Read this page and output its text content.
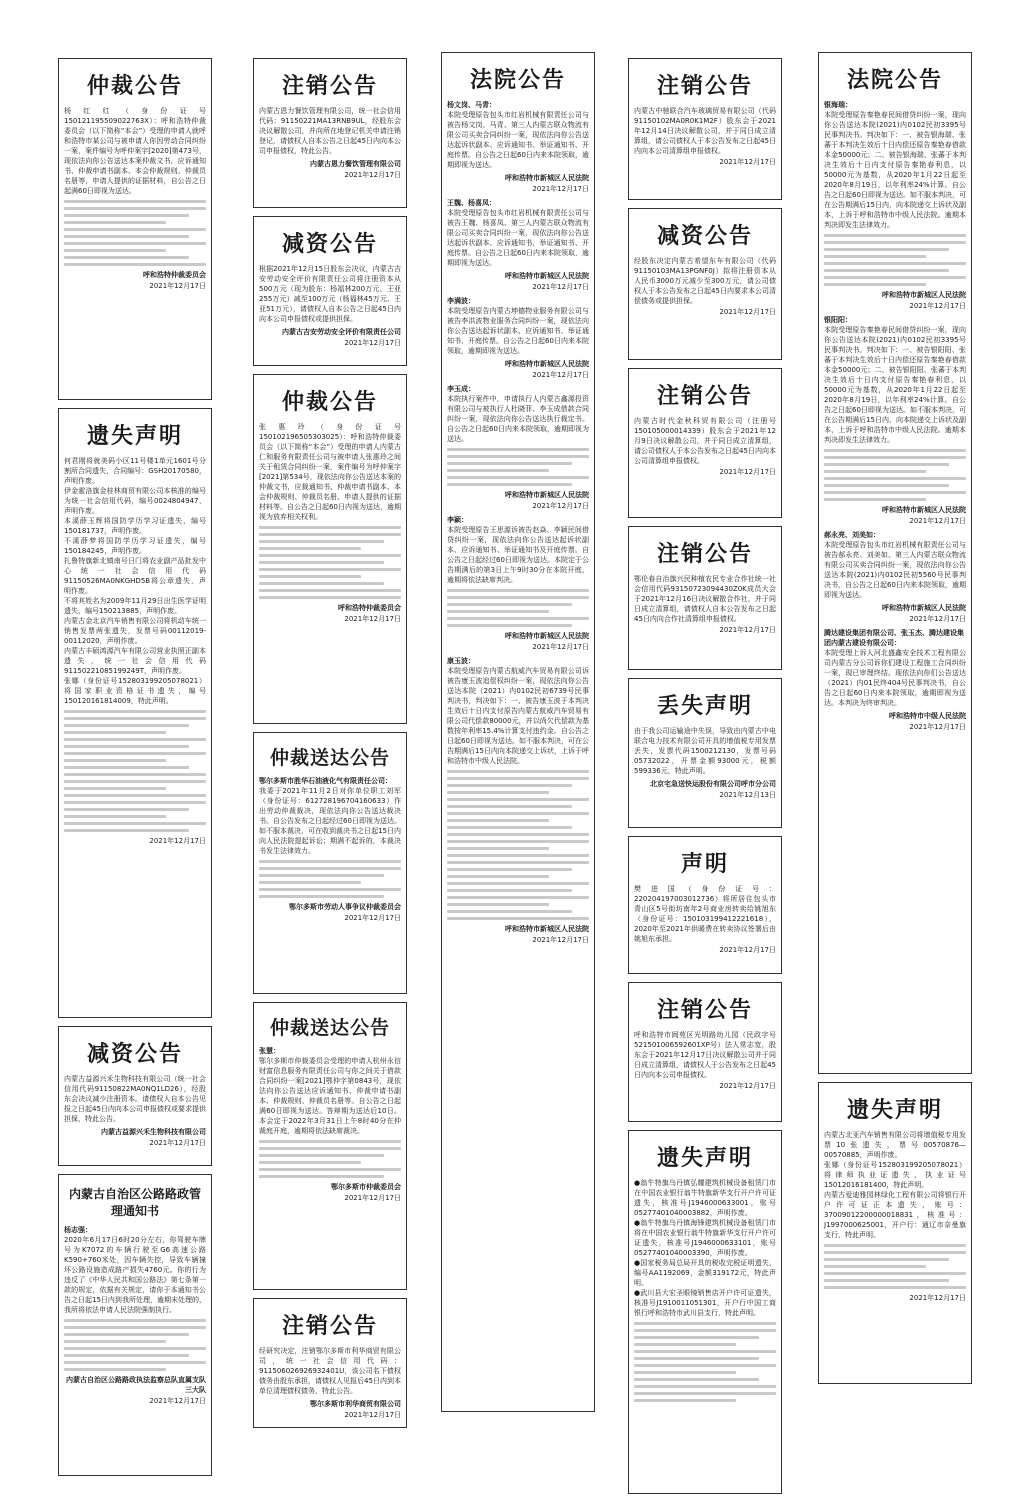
仲裁公告
杨红红（身份证号150121195509022763X）：呼和浩特仲裁委员会（以下简称“本会”）受理的申请人就呼和浩特市某公司与被申请人你因劳动合同纠纷一案，案件编号为呼仲案字[2020]第473号，现依法向你公告送达本案仲裁文书，应诉通知书、仲裁申请书副本、本会仲裁规则、仲裁员名册等，申请人提供的证据材料，自公告之日起满60日即视为送达。
呼和浩特仲裁委员会
2021年12月17日
遗失声明
何君刚将就美码小区11号楼1单元1601号分割所合同遗失，合同编号：GSH20170580，声明作废。
伊金霍洛旗金桂林商贸有限公司本核准的编号为统一社会信用代码，编号0024804947，声明作废。
本溪薛玉辉将国防学历学习证遗失，编号150181737，声明作废。
不溪薛梦将国防学历学习证遗失，编号150184245，声明作废。
扎鲁特旗新北镇南号日门将农业副产品批发中心统一社会信用代码91150526MA0NKGHD5B将公章遗失，声明作废。
不将其姓名为2009年11月29日出生医学证明遗失，编号150213885，声明作废。
内蒙古金北京汽车销售有限公司将机动车统一销售发票两张遗失，发票号码00112019-00112020，声明作废。
内蒙古丰硕鸿源汽车有限公司营业执照正副本遗失，统一社会信用代码91150221085199249T，声明作废。
张娜（身份证号152803199205078021）将国家职业资格证书遗失，编号150120161814009，特此声明。
2021年12月17日
减资公告
内蒙古益源兴禾生物科技有限公司（统一社会信用代码91150822MA0NQ1LD26），经股东会决议减少注册资本。请债权人自本公告见报之日起45日内向本公司申报债权或要求提供担保，特此公告。
内蒙古益源兴禾生物科技有限公司
2021年12月17日
内蒙古自治区公路路政管理通知书
杨志强：
2020年6月17日6时20分左右，你驾驶车牌号为K7072的车辆行驶至G6高速公路K590+760米处，因车辆失控，导致车辆撞坏公路设施造成路产损失4760元。你的行为违反了《中华人民共和国公路法》第七条第一款的规定，依据有关规定，请你于本通知书公告之日起15日内到我所处理，逾期未处理的，我所将依法申请人民法院强制执行。
内蒙古自治区公路路政执法监察总队直属支队三大队
2021年12月17日
注销公告
内蒙古恩力餐饮管理有限公司，统一社会信用代码：91150221MA13RNB9UL，经股东会决议解散公司，并向所在地登记机关申请注销登记，请债权人自本公告之日起45日内向本公司申报债权，特此公告。
内蒙古恩力餐饮管理有限公司
2021年12月17日
减资公告
根据2021年12月15日股东会决议，内蒙古吉安劳动安全评价有限责任公司将注册资本从500万元（现为股东：杨福林200万元、王亚255万元）减至100万元（杨福林45万元、王亚51万元），请债权人自本公告之日起45日内向本公司申报债权或提供担保。
内蒙古吉安劳动安全评价有限责任公司
2021年12月17日
仲裁公告
张惠玲（身份证号150102196505303025）：呼和浩特仲裁委员会（以下简称“本会”）受理的申请人内蒙古仁和服务有限责任公司与被申请人张惠玲之间关于租赁合同纠纷一案，案件编号为呼仲案字[2021]第534号，现依法向你公告送达本案的仲裁文书，应裁通知书、仲裁申请书副本、本会仲裁规则、仲裁员名册、申请人提供的证据材料等。自公告之日起60日内视为送达，逾期视为放弃相关权利。
呼和浩特仲裁委员会
2021年12月17日
仲裁送达公告
鄂尔多斯市胜华石油液化气有限责任公司：
我委于2021年11月2日对你单位职工刘军（身份证号：612728196704160633）作出劳动仲裁裁决，现依法向你公告送达裁决书。自公告发布之日起经过60日即视为送达。如不服本裁决，可在收到裁决书之日起15日内向人民法院提起诉讼；期满不起诉的，本裁决书发生法律效力。
鄂尔多斯市劳动人事争议仲裁委员会
2021年12月17日
仲裁送达公告
张慧：
鄂尔多斯市仲裁委员会受理的申请人杭州永信财富信息服务有限责任公司与你之间关于借款合同纠纷一案[2021]鄂仲字第0843号，现依法向你公告送达应诉通知书、仲裁申请书副本、仲裁规则、仲裁员名册等。自公告之日起满60日即视为送达。答辩期为送达后10日。本会定于2022年3月31日上午8时40分在仲裁庭开庭，逾期将依法缺席裁决。
鄂尔多斯市仲裁委员会
2021年12月17日
注销公告
经研究决定，注销鄂尔多斯市利华商贸有限公司，统一社会信用代码：911506026926932401U，该公司名下债权债务由股东承担，请债权人见报后45日内到本单位清理债权债务，特此公告。
鄂尔多斯市利华商贸有限公司
2021年12月17日
法院公告
杨文岗、马青：
本院受理原告包头市红岩机械有限责任公司与被告杨文岗、马青、第三人内蒙古联众物流有限公司买卖合同纠纷一案，现依法向你公告送达起诉状副本、应诉通知书、举证通知书、开庭传票。自公告之日起60日内来本院领取，逾期即视为送达。
呼和浩特市新城区人民法院
2021年12月17日
王魏、杨喜凤：
本院受理原告包头市红岩机械有限责任公司与被告王魏、杨喜凤、第三人内蒙古联众物流有限公司买卖合同纠纷一案，现依法向你公告送达起诉状副本、应诉通知书、举证通知书、开庭传票。自公告之日起60日内来本院领取，逾期即视为送达。
呼和浩特市新城区人民法院
2021年12月17日
李满波：
本院受理原告内蒙古坤德物业服务有限公司与被告李洪波物业服务合同纠纷一案，现依法向你公告送达起诉状副本、应诉通知书、举证通知书、开庭传票。自公告之日起60日内来本院领取，逾期即视为送达。
呼和浩特市新城区人民法院
2021年12月17日
李玉成：
本院执行案件中，申请执行人内蒙古鑫源投资有限公司与被执行人杜晓菲、李玉成借款合同纠纷一案，现依法向你公告送达执行裁定书。自公告之日起60日内来本院领取，逾期即视为送达。
呼和浩特市新城区人民法院
2021年12月17日
李颖：
本院受理原告王思源诉被告赵焱、李颖民间借贷纠纷一案，现依法向你公告送达起诉状副本、应诉通知书、举证通知书及开庭传票。自公告之日起经过60日即视为送达。本院定于公告期满后的第3日上午9时30分在本院开庭，逾期将依法缺席判决。
呼和浩特市新城区人民法院
2021年12月17日
康玉波：
本院受理原告内蒙古航威汽车贸易有限公司诉被告康玉波追偿权纠纷一案，现依法向你公告送达本院（2021）内0102民初6739号民事判决书，判决如下：一、被告康玉波于本判决生效后十日内支付原告内蒙古航威汽车贸易有限公司代偿款80000元，并以尚欠代偿款为基数按年利率15.4%计算支付违约金。自公告之日起60日即视为送达。如不服本判决，可在公告期满后15日内向本院递交上诉状，上诉于呼和浩特市中级人民法院。
呼和浩特市新城区人民法院
2021年12月17日
注销公告
内蒙古中驰联合汽车玻璃贸易有限公司（代码91150102MA0R0K1M2F）股东会于2021年12月14日决议解散公司，并于同日成立清算组，请公司债权人于本公告发布之日起45日内向本公司清算组申报债权。
2021年12月17日
减资公告
经股东决定内蒙古希望东车有限公司（代码91150103MA13PGNF0J）拟将注册资本从人民币3000万元减少至300万元，请公司债权人于本公告发布之日起45日内要求本公司清偿债务或提供担保。
2021年12月17日
注销公告
内蒙古时代金秋科贸有限公司（注册号150105000014339）股东会于2021年12月9日决议解散公司，并于同日成立清算组，请公司债权人于本公告发布之日起45日内向本公司清算组申报债权。
2021年12月17日
注销公告
鄂伦春自治旗兴民种植农民专业合作社统一社会信用代码93150723094430Z0K成员大会于2021年12月16日决议解散合作社，并于同日成立清算组，请债权人自本公告发布之日起45日内向合作社清算组申报债权。
2021年12月17日
丢失声明
由于我公司运输途中失误，导致由内蒙古中电联合电力技术有限公司开具的增值税专用发票丢失，发票代码1500212130，发票号码05732022，开票金额93000元，税额599336元，特此声明。
北京宅急送快运股份有限公司呼市分公司
2021年12月13日
声明
樊进国（身份证号：220204197003012736）将所居住包头市青山区5号街坊南年2号商业房转卖给姚旭东（身份证号：150103199412221618），2020年至2021年供暖费在转卖协议签署后由姚旭东承担。
2021年12月17日
注销公告
呼和浩特市阆苑区光明路幼儿园（民政字号521501006592601XP号）法人常志宽，股东会于2021年12月17日决议解散公司并于同日成立清算组，请债权人于公告发布之日起45日内向本公司申报债权。
2021年12月17日
遗失声明
●翁牛特旗乌丹镇弘耀建筑机械设备租赁门市在中国农业银行翁牛特旗新华支行开户许可证遗失，核准号J1946000633001，账号05277401040003882，声明作废。
●翁牛特旗乌丹镇海锋建筑机械设备租赁门市将在中国农业银行翁牛特旗新华支行开户许可证遗失，核准号J1946000633101，账号05277401040003390，声明作废。
●国家税务局总局开具的税收完税证明遗失，编号AA1192069，金额319172元，特此声明。
●武川县大宏圣眼镜销售店开户许可证遗失，核准号J1910011051301，开户行中国工商银行呼和浩特市武川县支行，特此声明。
法院公告
银海瑞：
本院受理原告秦艳春民间借贷纠纷一案，现向你公告送达本院(2021)内0102民初3395号民事判决书。判决如下：一、被告银海瑞、张蕃于本判决生效后十日内偿还原告秦艳春借款本金50000元；二、被告银海瑞、张蕃于本判决生效后十日内支付原告秦艳春利息，以50000元为基数，从2020年1月22日起至2020年8月19日，以年利率24%计算。自公告之日起60日即视为送达。如不服本判决，可在公告期满后15日内，向本院递交上诉状及副本，上诉于呼和浩特市中级人民法院。逾期本判决即发生法律效力。
呼和浩特市新城区人民法院
2021年12月17日
银阳阳：
本院受理原告秦艳春民间借贷纠纷一案，现向你公告送达本院(2021)内0102民初3395号民事判决书。判决如下：一、被告银阳阳、张蕃于本判决生效后十日内偿还原告秦艳春借款本金50000元；二、被告银阳阳、张蕃于本判决生效后十日内支付原告秦艳春利息，以50000元为基数，从2020年1月22日起至2020年8月19日，以年利率24%计算。自公告之日起60日即视为送达。如不服本判决，可在公告期满后15日内，向本院递交上诉状及副本，上诉于呼和浩特市中级人民法院。逾期本判决即发生法律效力。
呼和浩特市新城区人民法院
2021年12月17日
郝永亮、刘美如：
本院受理原告包头市红岩机械有限责任公司与被告郝永亮、刘美如、第三人内蒙古联众物流有限公司买卖合同纠纷一案，现依法向你公告送达本院(2021)内0102民初5560号民事判决书，自公告之日起60日内来本院领取，逾期即视为送达。
呼和浩特市新城区人民法院
2021年12月17日
腾达建设集团有限公司、张玉杰、腾达建设集团内蒙古建设有限公司：
本院受理上诉人河北盛鑫安全技术工程有限公司内蒙古分公司诉你们建设工程施工合同纠纷一案，现已审理终结。现依法向你们公告送达（2021）内01民终404号民事判决书，自公告之日起60日内来本院领取，逾期即视为送达。本判决为终审判决。
呼和浩特市中级人民法院
2021年12月17日
遗失声明
内蒙古北亚汽车销售有限公司将增值税专用发票10张遗失，票号00570876—00570885，声明作废。
张娜（身份证号152803199205078021）将律师执业证遗失，执业证号15012016181400，特此声明。
内蒙古爱迪雅园林绿化工程有限公司将银行开户许可证正本遗失，账号：37009012200000018831，核准号：J1997000625001，开户行：通辽市奈曼旗支行，特此声明。
2021年12月17日
